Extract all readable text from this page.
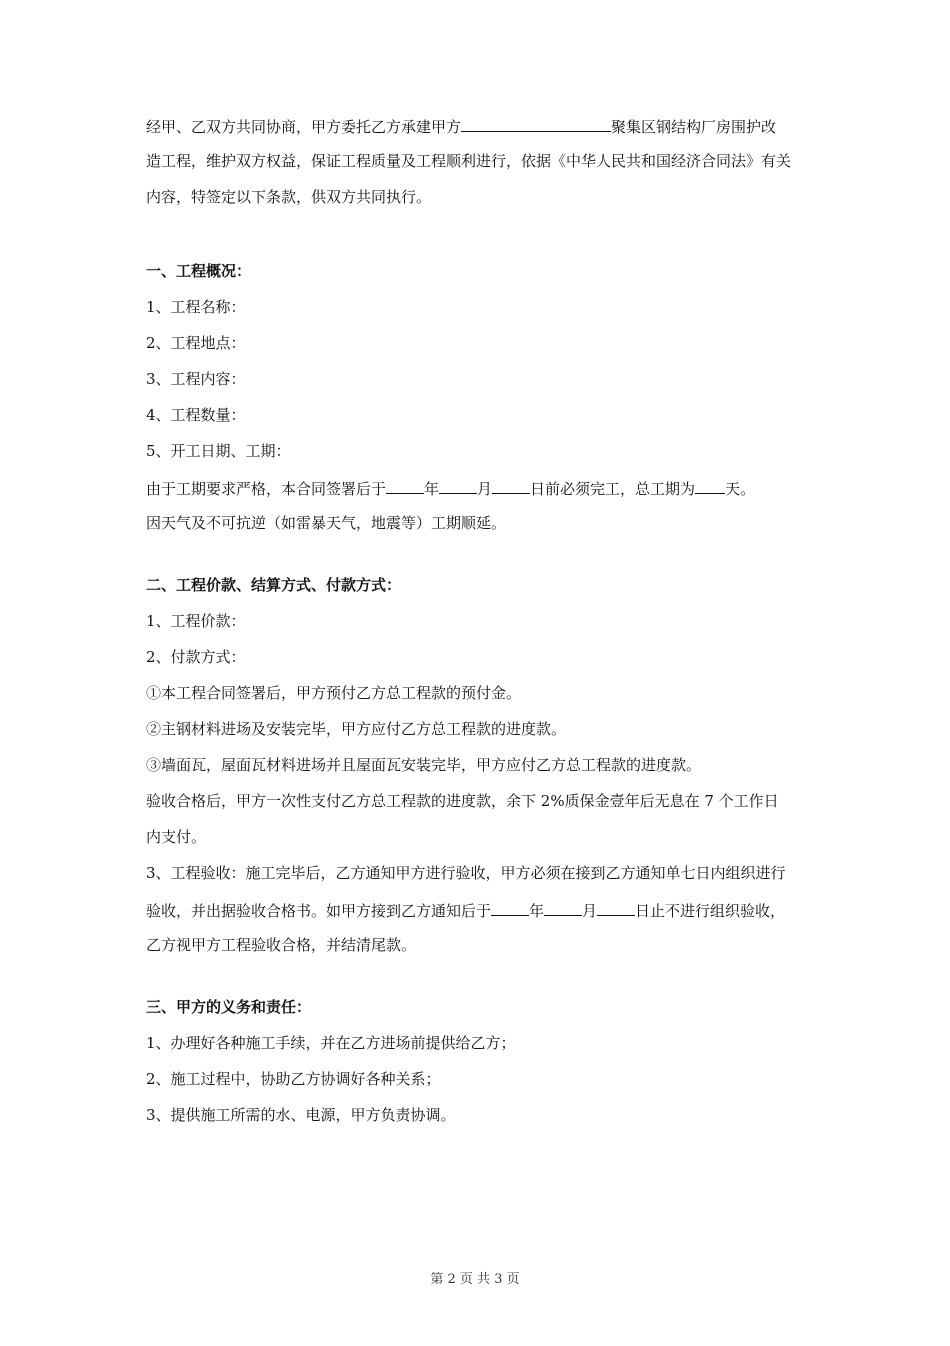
经甲、乙双方共同协商，甲方委托乙方承建甲方	聚集区钢结构厂房围护改

造工程，维护双方权益，保证工程质量及工程顺利进行，依据《中华人民共和国经济合同法》有关

内容，特签定以下条款，供双方共同执行。

一、工程概况：

1、工程名称：

2、工程地点：

3、工程内容：

4、工程数量：

5、开工日期、工期：

由于工期要求严格，本合同签署后于	年	月	日前必须完工，总工期为 天。

因天气及不可抗逆（如雷暴天气，地震等）工期顺延。

二、工程价款、结算方式、付款方式：

1、工程价款：

2、付款方式：

①本工程合同签署后，甲方预付乙方总工程款的预付金。

②主钢材料进场及安装完毕，甲方应付乙方总工程款的进度款。

③墙面瓦，屋面瓦材料进场并且屋面瓦安装完毕，甲方应付乙方总工程款的进度款。

验收合格后，甲方一次性支付乙方总工程款的进度款，余下 2%质保金壹年后无息在 7 个工作日

内支付。

3、工程验收：施工完毕后，乙方通知甲方进行验收，甲方必须在接到乙方通知单七日内组织进行

验收，并出据验收合格书。如甲方接到乙方通知后于	年	月	日止不进行组织验收，

乙方视甲方工程验收合格，并结清尾款。

三、甲方的义务和责任：

1、办理好各种施工手续，并在乙方进场前提供给乙方；

2、施工过程中，协助乙方协调好各种关系；

3、提供施工所需的水、电源，甲方负责协调。

第 2 页 共 3 页
